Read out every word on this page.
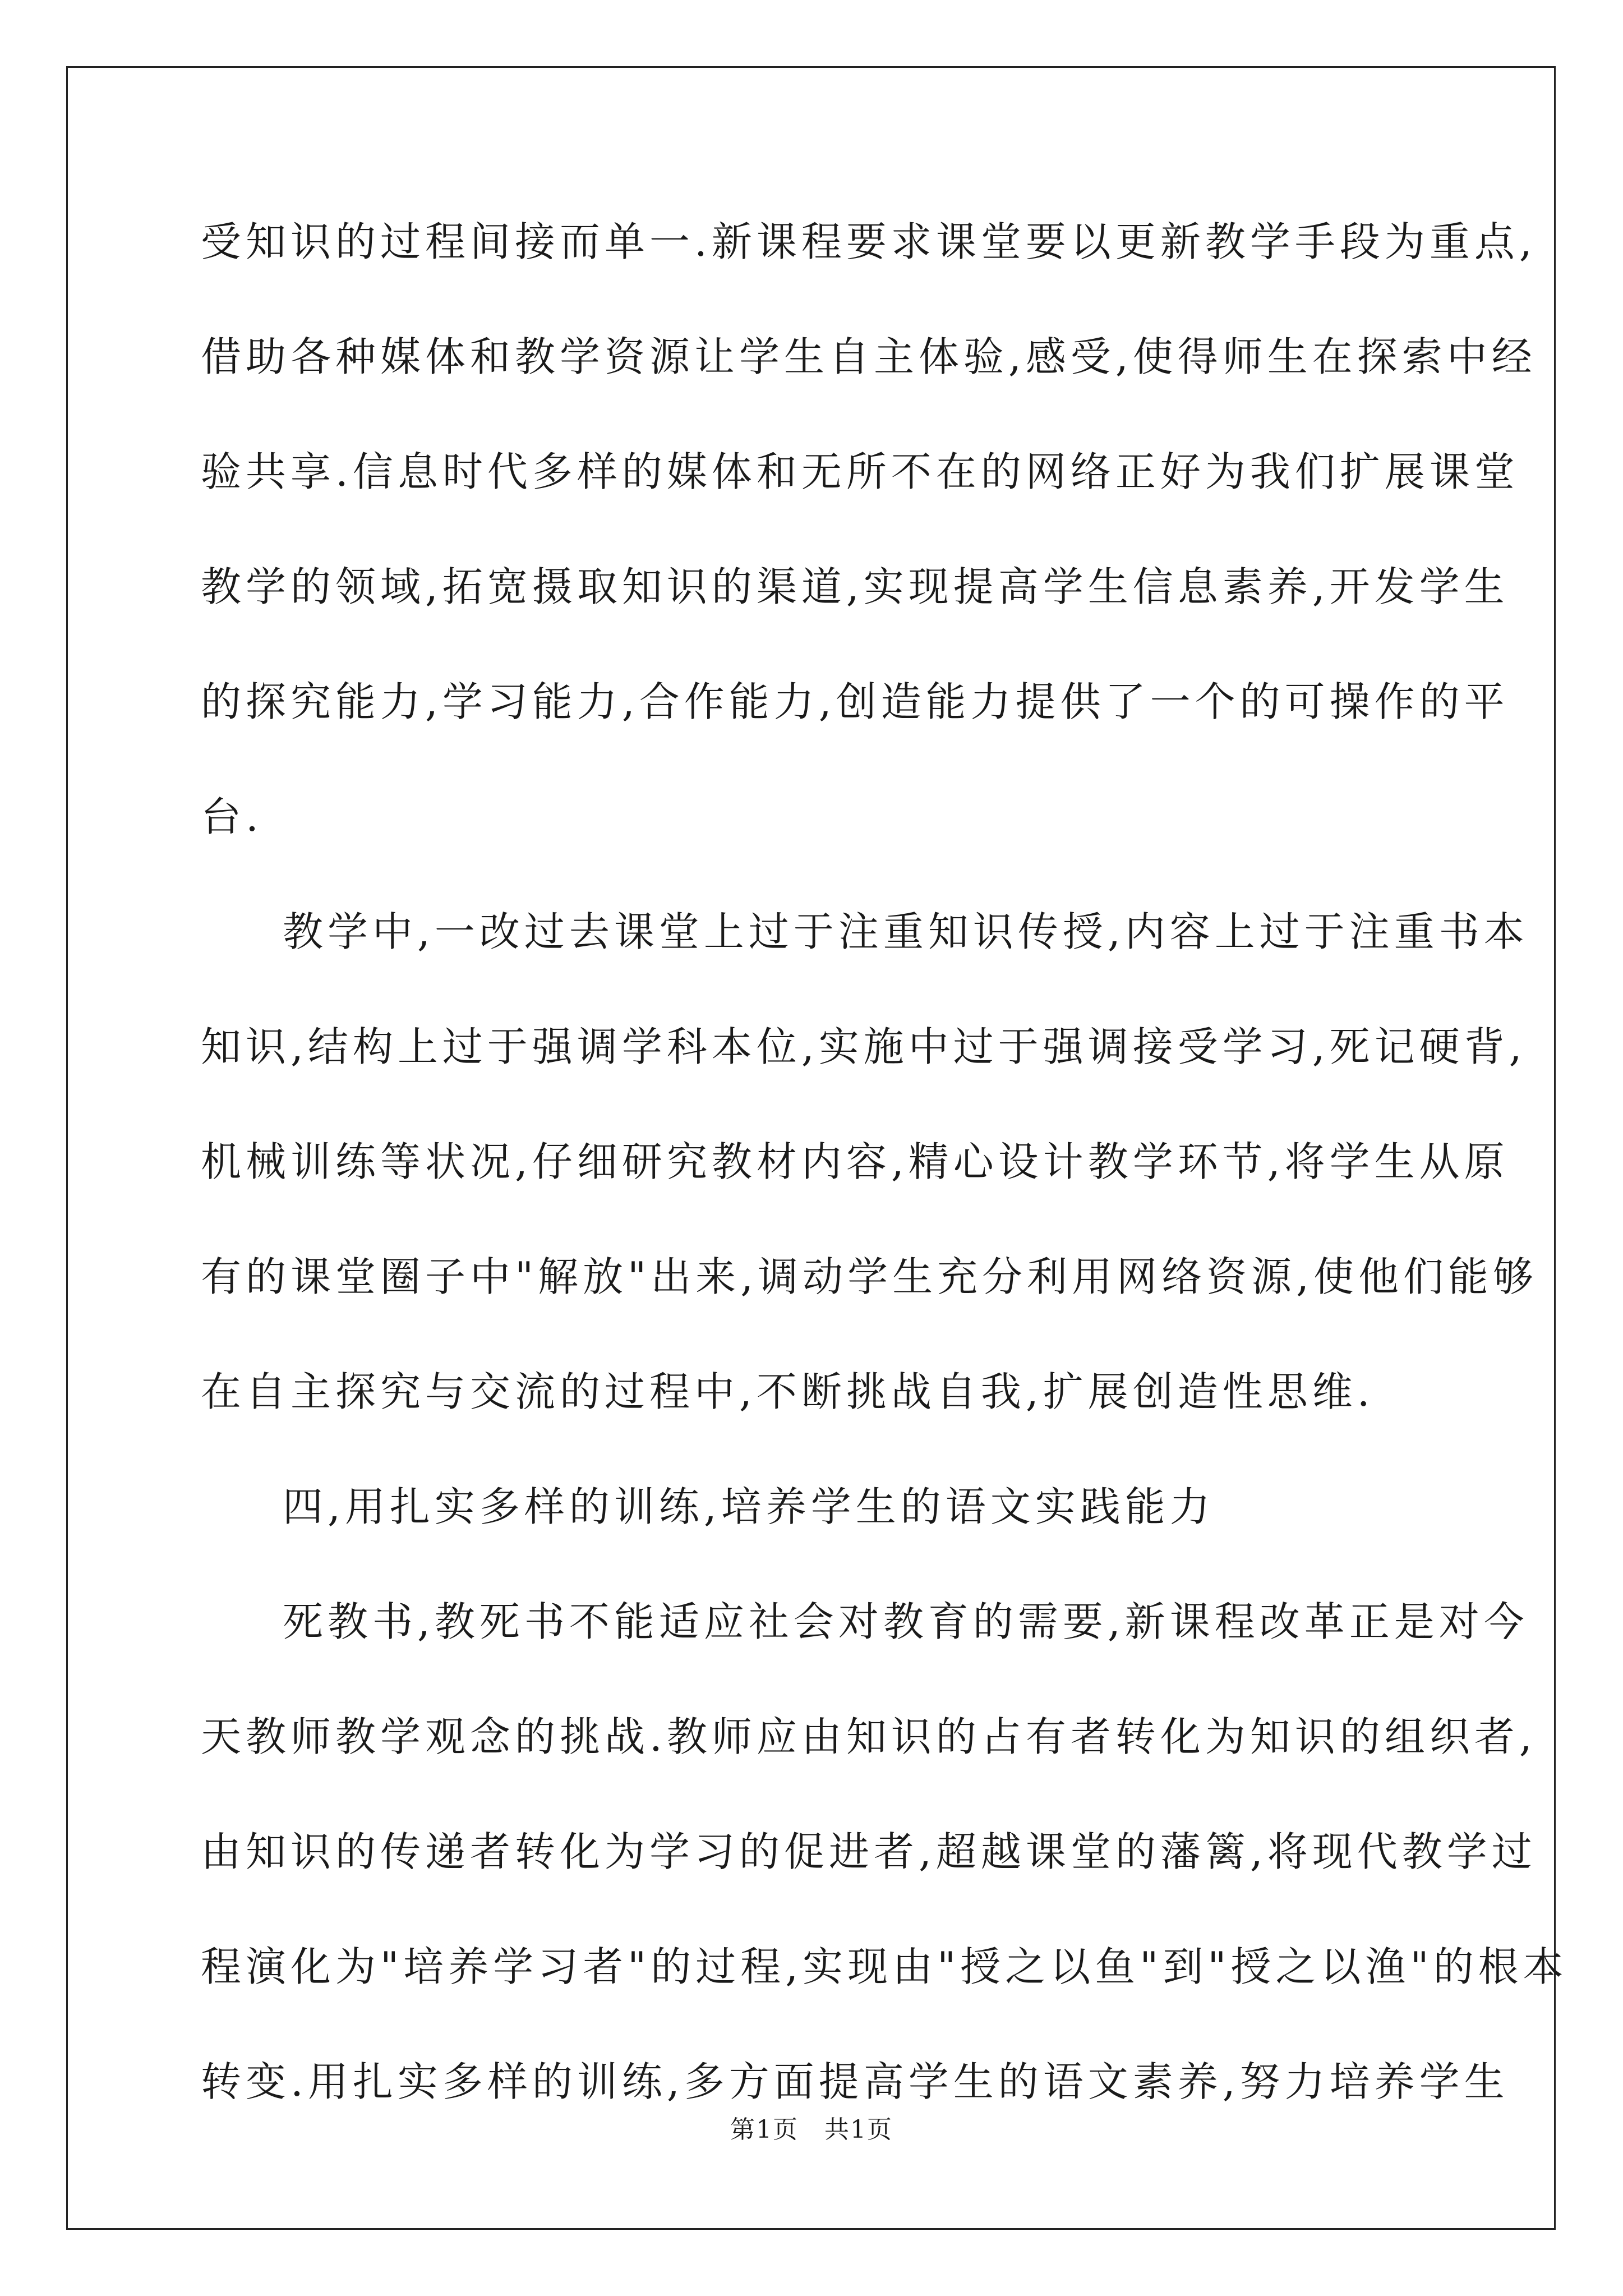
受知识的过程间接而单一.新课程要求课堂要以更新教学手段为重点,
借助各种媒体和教学资源让学生自主体验,感受,使得师生在探索中经
验共享.信息时代多样的媒体和无所不在的网络正好为我们扩展课堂
教学的领域,拓宽摄取知识的渠道,实现提高学生信息素养,开发学生
的探究能力,学习能力,合作能力,创造能力提供了一个的可操作的平
台.
教学中,一改过去课堂上过于注重知识传授,内容上过于注重书本
知识,结构上过于强调学科本位,实施中过于强调接受学习,死记硬背,
机械训练等状况,仔细研究教材内容,精心设计教学环节,将学生从原
有的课堂圈子中"解放"出来,调动学生充分利用网络资源,使他们能够
在自主探究与交流的过程中,不断挑战自我,扩展创造性思维.
四,用扎实多样的训练,培养学生的语文实践能力
死教书,教死书不能适应社会对教育的需要,新课程改革正是对今
天教师教学观念的挑战.教师应由知识的占有者转化为知识的组织者,
由知识的传递者转化为学习的促进者,超越课堂的藩篱,将现代教学过
程演化为"培养学习者"的过程,实现由"授之以鱼"到"授之以渔"的根本
转变.用扎实多样的训练,多方面提高学生的语文素养,努力培养学生
第1页 共1页
